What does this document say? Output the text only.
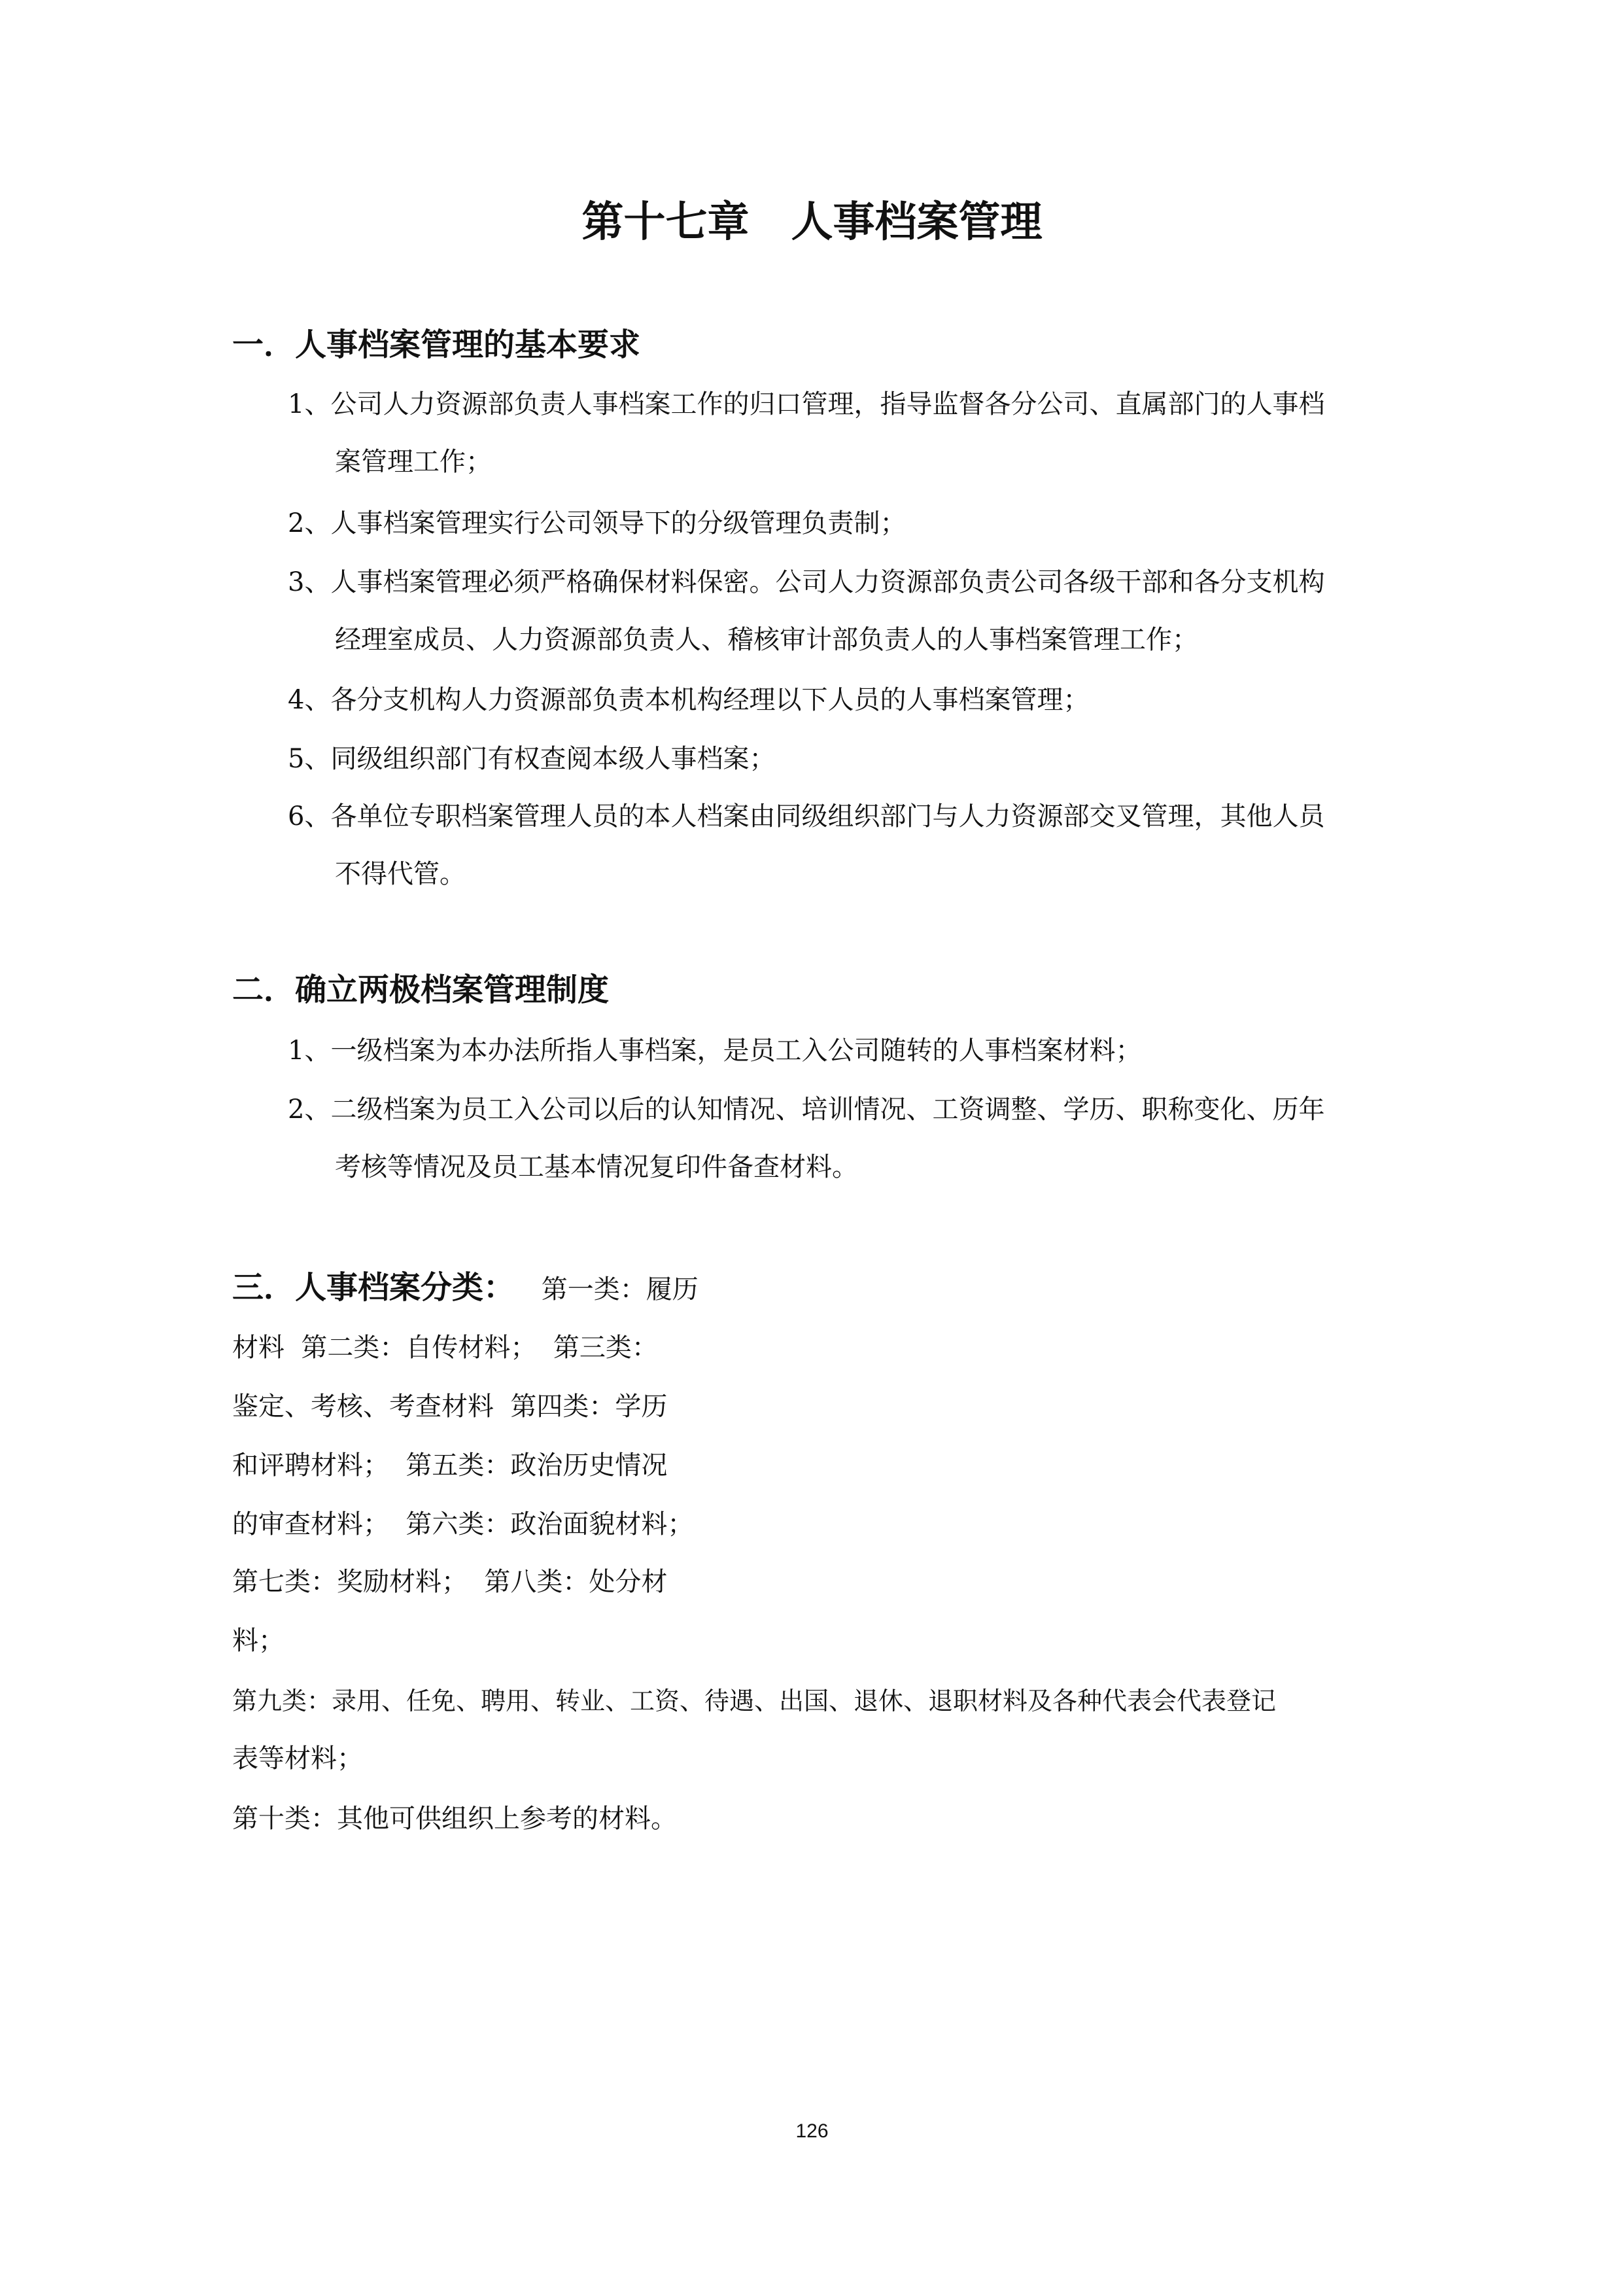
第十七章　人事档案管理
一．人事档案管理的基本要求
1、公司人力资源部负责人事档案工作的归口管理，指导监督各分公司、直属部门的人事档
案管理工作；
2、人事档案管理实行公司领导下的分级管理负责制；
3、人事档案管理必须严格确保材料保密。公司人力资源部负责公司各级干部和各分支机构
经理室成员、人力资源部负责人、稽核审计部负责人的人事档案管理工作；
4、各分支机构人力资源部负责本机构经理以下人员的人事档案管理；
5、同级组织部门有权查阅本级人事档案；
6、各单位专职档案管理人员的本人档案由同级组织部门与人力资源部交叉管理，其他人员
不得代管。
二．确立两极档案管理制度
1、一级档案为本办法所指人事档案，是员工入公司随转的人事档案材料；
2、二级档案为员工入公司以后的认知情况、培训情况、工资调整、学历、职称变化、历年
考核等情况及员工基本情况复印件备查材料。
三．人事档案分类： 第一类：履历
材料  第二类：自传材料；  第三类：
鉴定、考核、考查材料  第四类：学历
和评聘材料；  第五类：政治历史情况
的审查材料；  第六类：政治面貌材料；
第七类：奖励材料；  第八类：处分材
料；
第九类：录用、任免、聘用、转业、工资、待遇、出国、退休、退职材料及各种代表会代表登记
表等材料；
第十类：其他可供组织上参考的材料。
126
